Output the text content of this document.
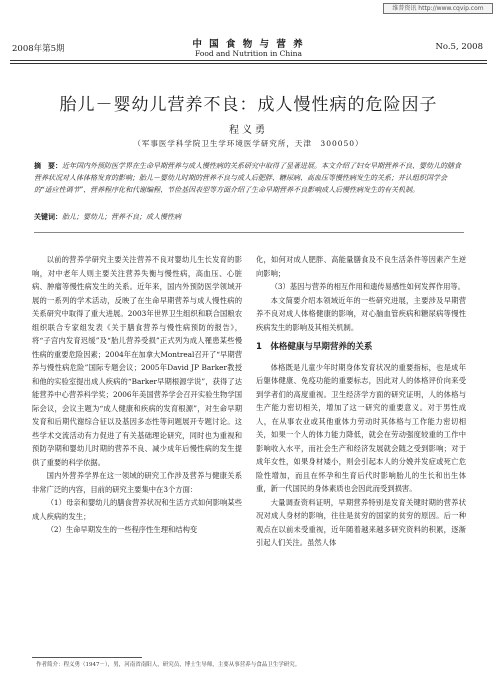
维普资讯 http://www.cqvip.com
2008年第5期	中 国 食 物 与 营 养
Food and Nutrition in China
No.5, 2008
胎儿－婴幼儿营养不良：成人慢性病的危险因子
程义勇
（军事医学科学院卫生学环境医学研究所，天津　300050）
摘　要：近年国内外预防医学界在生命早期营养与成人慢性病的关系研究中取得了显著进展。本文介绍了妇女早期营养不良、婴幼儿的膳食营养状况对人体体格发育的影响；胎儿－婴幼儿时期的营养不良与成人后肥胖、糖尿病、高血压等慢性病发生的关系；并认组织国学会的“适应性调节”、营养程序化和代谢编程、节俭基因表型等方面介绍了生命早期营养不良影响成人后慢性病发生的有关机制。
关键词：胎儿；婴幼儿；营养不良；成人慢性病

以前的营养学研究主要关注营养不良对婴幼儿生长发育的影响，对中老年人则主要关注营养失衡与慢性病，高血压、心脏病、肿瘤等慢性病发生的关系。近年来，国内外预防医学领域开展的一系列的学术活动，反映了在生命早期营养与成人慢性病的关系研究中取得了重大进展。2003年世界卫生组织和联合国粮农组织联合专家组发表《关于膳食营养与慢性病预防的报告》，将“子宫内发育迟缓”及“胎儿营养受损”正式列为成人罹患某些慢性病的重要危险因素；2004年在加拿大Montreal召开了“早期营养与慢性病危险”国际专题会议；2005年David JP Barker教授和他的实验室提出成人疾病的“Barker早期根源学说”，获得了达能营养中心营养科学奖；2006年美国营养学会召开实验生物学国际会议，会议主题为“成人健康和疾病的发育根源”，对生命早期发育和后期代谢综合征以及基因多态性等问题展开专题讨论。这些学术交流活动有力促进了有关基础理论研究，同时也为重视和预防孕期和婴幼儿时期的营养不良、减少成年后慢性病的发生提供了重要的科学依据。

国内外营养学界在这一领域的研究工作涉及营养与健康关系非常广泛的内容，目前的研究主要集中在3个方面：

（1）母亲和婴幼儿的膳食营养状况和生活方式如何影响某些成人疾病的发生；

（2）生命早期发生的一些程序性生理和结构变

化，如何对成人肥胖、高能量膳食及不良生活条件等因素产生逆向影响；

（3）基因与营养的相互作用和遗传易感性如何发挥作用等。

本文简要介绍本领域近年的一些研究进展，主要涉及早期营养不良对成人体格健康的影响，对心脑血管疾病和糖尿病等慢性疾病发生的影响及其相关机制。

1　体格健康与早期营养的关系

体格既是儿童少年时期身体发育状况的重要指标，也是成年后躯体健康、免疫功能的重要标志，因此对人的体格评价向来受到学者们的高度重视。卫生经济学方面的研究证明，人的体格与生产能力密切相关，增加了这一研究的重要意义。对于男性成人，在从事农业或其他重体力劳动时其体格与工作能力密切相关，如果一个人的体力能力降低，就会在劳动强度较重的工作中影响收入水平，而社会生产和经济发展就会随之受到影响；对于成年女性，如果身材矮小，则会引起本人的分娩并发症或死亡危险性增加，而且在怀孕和生育后代时影响胎儿的生长和出生体重，新一代国民的身体素质也会因此而受到损害。

大量调查资料证明，早期营养特别是发育关键时期的营养状况对成人身材的影响，往往是贫穷的国家的贫穷的原因。后一种观点在以前未受重视，近年随着越来越多研究资料的积累，逐渐引起人们关注。虽然人体

作者简介：程义勇（1947－），男，河南省南阳人，研究员，博士生导师，主要从事营养与食品卫生学研究。
